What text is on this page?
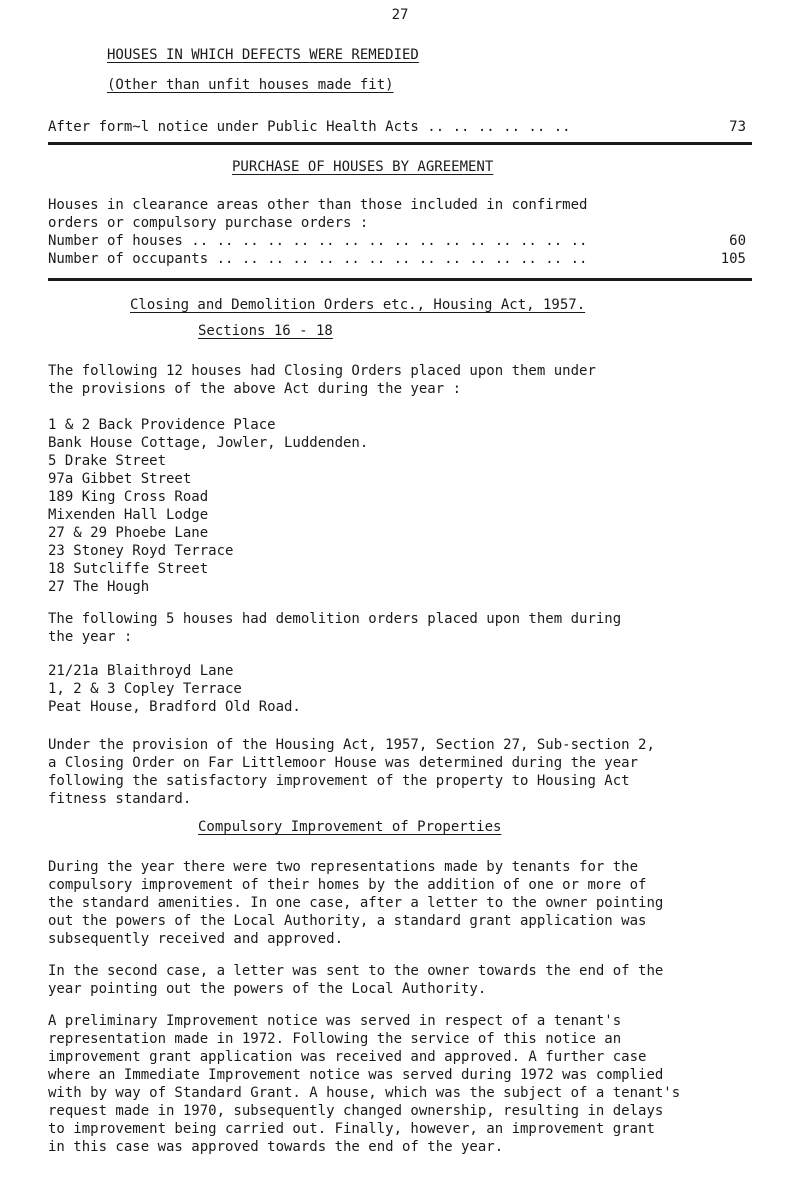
27
HOUSES IN WHICH DEFECTS WERE REMEDIED
(Other than unfit houses made fit)
After form~l notice under Public Health Acts .. .. .. .. .. ..	73
PURCHASE OF HOUSES BY AGREEMENT
Houses in clearance areas other than those included in confirmed
orders or compulsory purchase orders :
Number of houses .. .. .. .. .. .. .. .. .. .. .. .. .. .. .. ..	60
Number of occupants .. .. .. .. .. .. .. .. .. .. .. .. .. .. ..	105
Closing and Demolition Orders etc., Housing Act, 1957.
Sections 16 - 18
The following 12 houses had Closing Orders placed upon them under
the provisions of the above Act during the year :
1 & 2 Back Providence Place
Bank House Cottage, Jowler, Luddenden.
5 Drake Street
97a Gibbet Street
189 King Cross Road
Mixenden Hall Lodge
27 & 29 Phoebe Lane
23 Stoney Royd Terrace
18 Sutcliffe Street
27 The Hough
The following 5 houses had demolition orders placed upon them during
the year :
21/21a Blaithroyd Lane
1, 2 & 3 Copley Terrace
Peat House, Bradford Old Road.
Under the provision of the Housing Act, 1957, Section 27, Sub-section 2,
a Closing Order on Far Littlemoor House was determined during the year
following the satisfactory improvement of the property to Housing Act
fitness standard.
Compulsory Improvement of Properties
During the year there were two representations made by tenants for the
compulsory improvement of their homes by the addition of one or more of
the standard amenities. In one case, after a letter to the owner pointing
out the powers of the Local Authority, a standard grant application was
subsequently received and approved.
In the second case, a letter was sent to the owner towards the end of the
year pointing out the powers of the Local Authority.
A preliminary Improvement notice was served in respect of a tenant's
representation made in 1972. Following the service of this notice an
improvement grant application was received and approved. A further case
where an Immediate Improvement notice was served during 1972 was complied
with by way of Standard Grant. A house, which was the subject of a tenant's
request made in 1970, subsequently changed ownership, resulting in delays
to improvement being carried out. Finally, however, an improvement grant
in this case was approved towards the end of the year.
